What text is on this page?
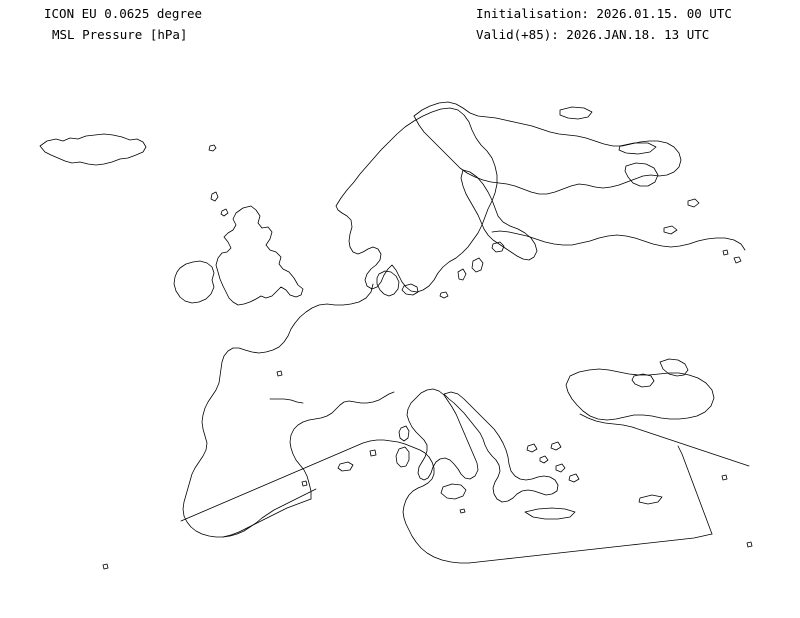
ICON EU 0.0625 degree
MSL Pressure [hPa]
Initialisation: 2026.01.15. 00 UTC
Valid(+85): 2026.JAN.18. 13 UTC
